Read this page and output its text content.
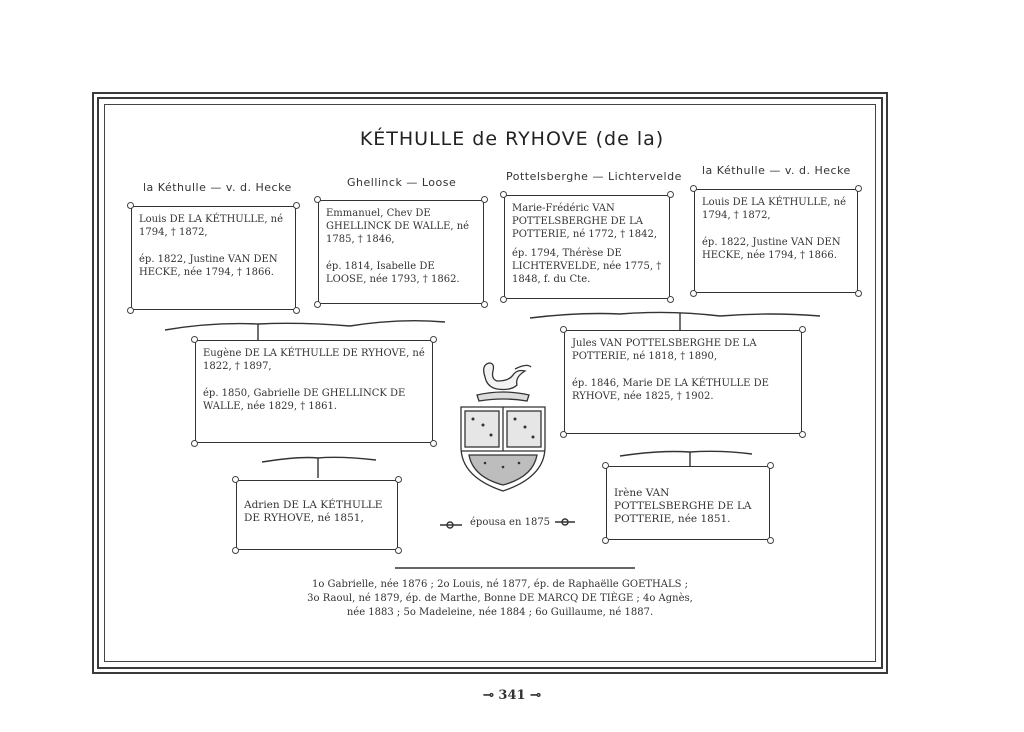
KÉTHULLE de RYHOVE (de la)
la Kéthulle — v. d. Hecke	Ghellinck — Loose	Pottelsberghe — Lichtervelde la Kéthulle — v. d. Hecke

Louis DE LA KÉTHULLE, né 1794, † 1872,

ép. 1822, Justine VAN DEN HECKE, née 1794, † 1866.

Emmanuel, Chev DE GHELLINCK DE WALLE, né 1785, † 1846,

ép. 1814, Isabelle DE LOOSE, née 1793, † 1862.

Marie-Frédéric VAN POTTELSBERGHE DE LA POTTERIE, né 1772, † 1842,

ép. 1794, Thérèse DE LICHTERVELDE, née 1775, † 1848, f. du Cte.

Louis DE LA KÉTHULLE, né 1794, † 1872,

ép. 1822, Justine VAN DEN HECKE, née 1794, † 1866.

Eugène DE LA KÉTHULLE DE RYHOVE, né 1822, † 1897,

ép. 1850, Gabrielle DE GHELLINCK DE WALLE, née 1829, † 1861.

Jules VAN POTTELSBERGHE DE LA POTTERIE, né 1818, † 1890,

ép. 1846, Marie DE LA KÉTHULLE DE RYHOVE, née 1825, † 1902.

Adrien DE LA KÉTHULLE DE RYHOVE, né 1851,

Irène VAN POTTELSBERGHE DE LA POTTERIE, née 1851.

épousa en 1875

1o Gabrielle, née 1876 ; 2o Louis, né 1877, ép. de Raphaëlle GOETHALS ;

3o Raoul, né 1879, ép. de Marthe, Bonne DE MARCQ DE TIÈGE ; 4o Agnès,

née 1883 ; 5o Madeleine, née 1884 ; 6o Guillaume, né 1887.

⊸ 341 ⊸
